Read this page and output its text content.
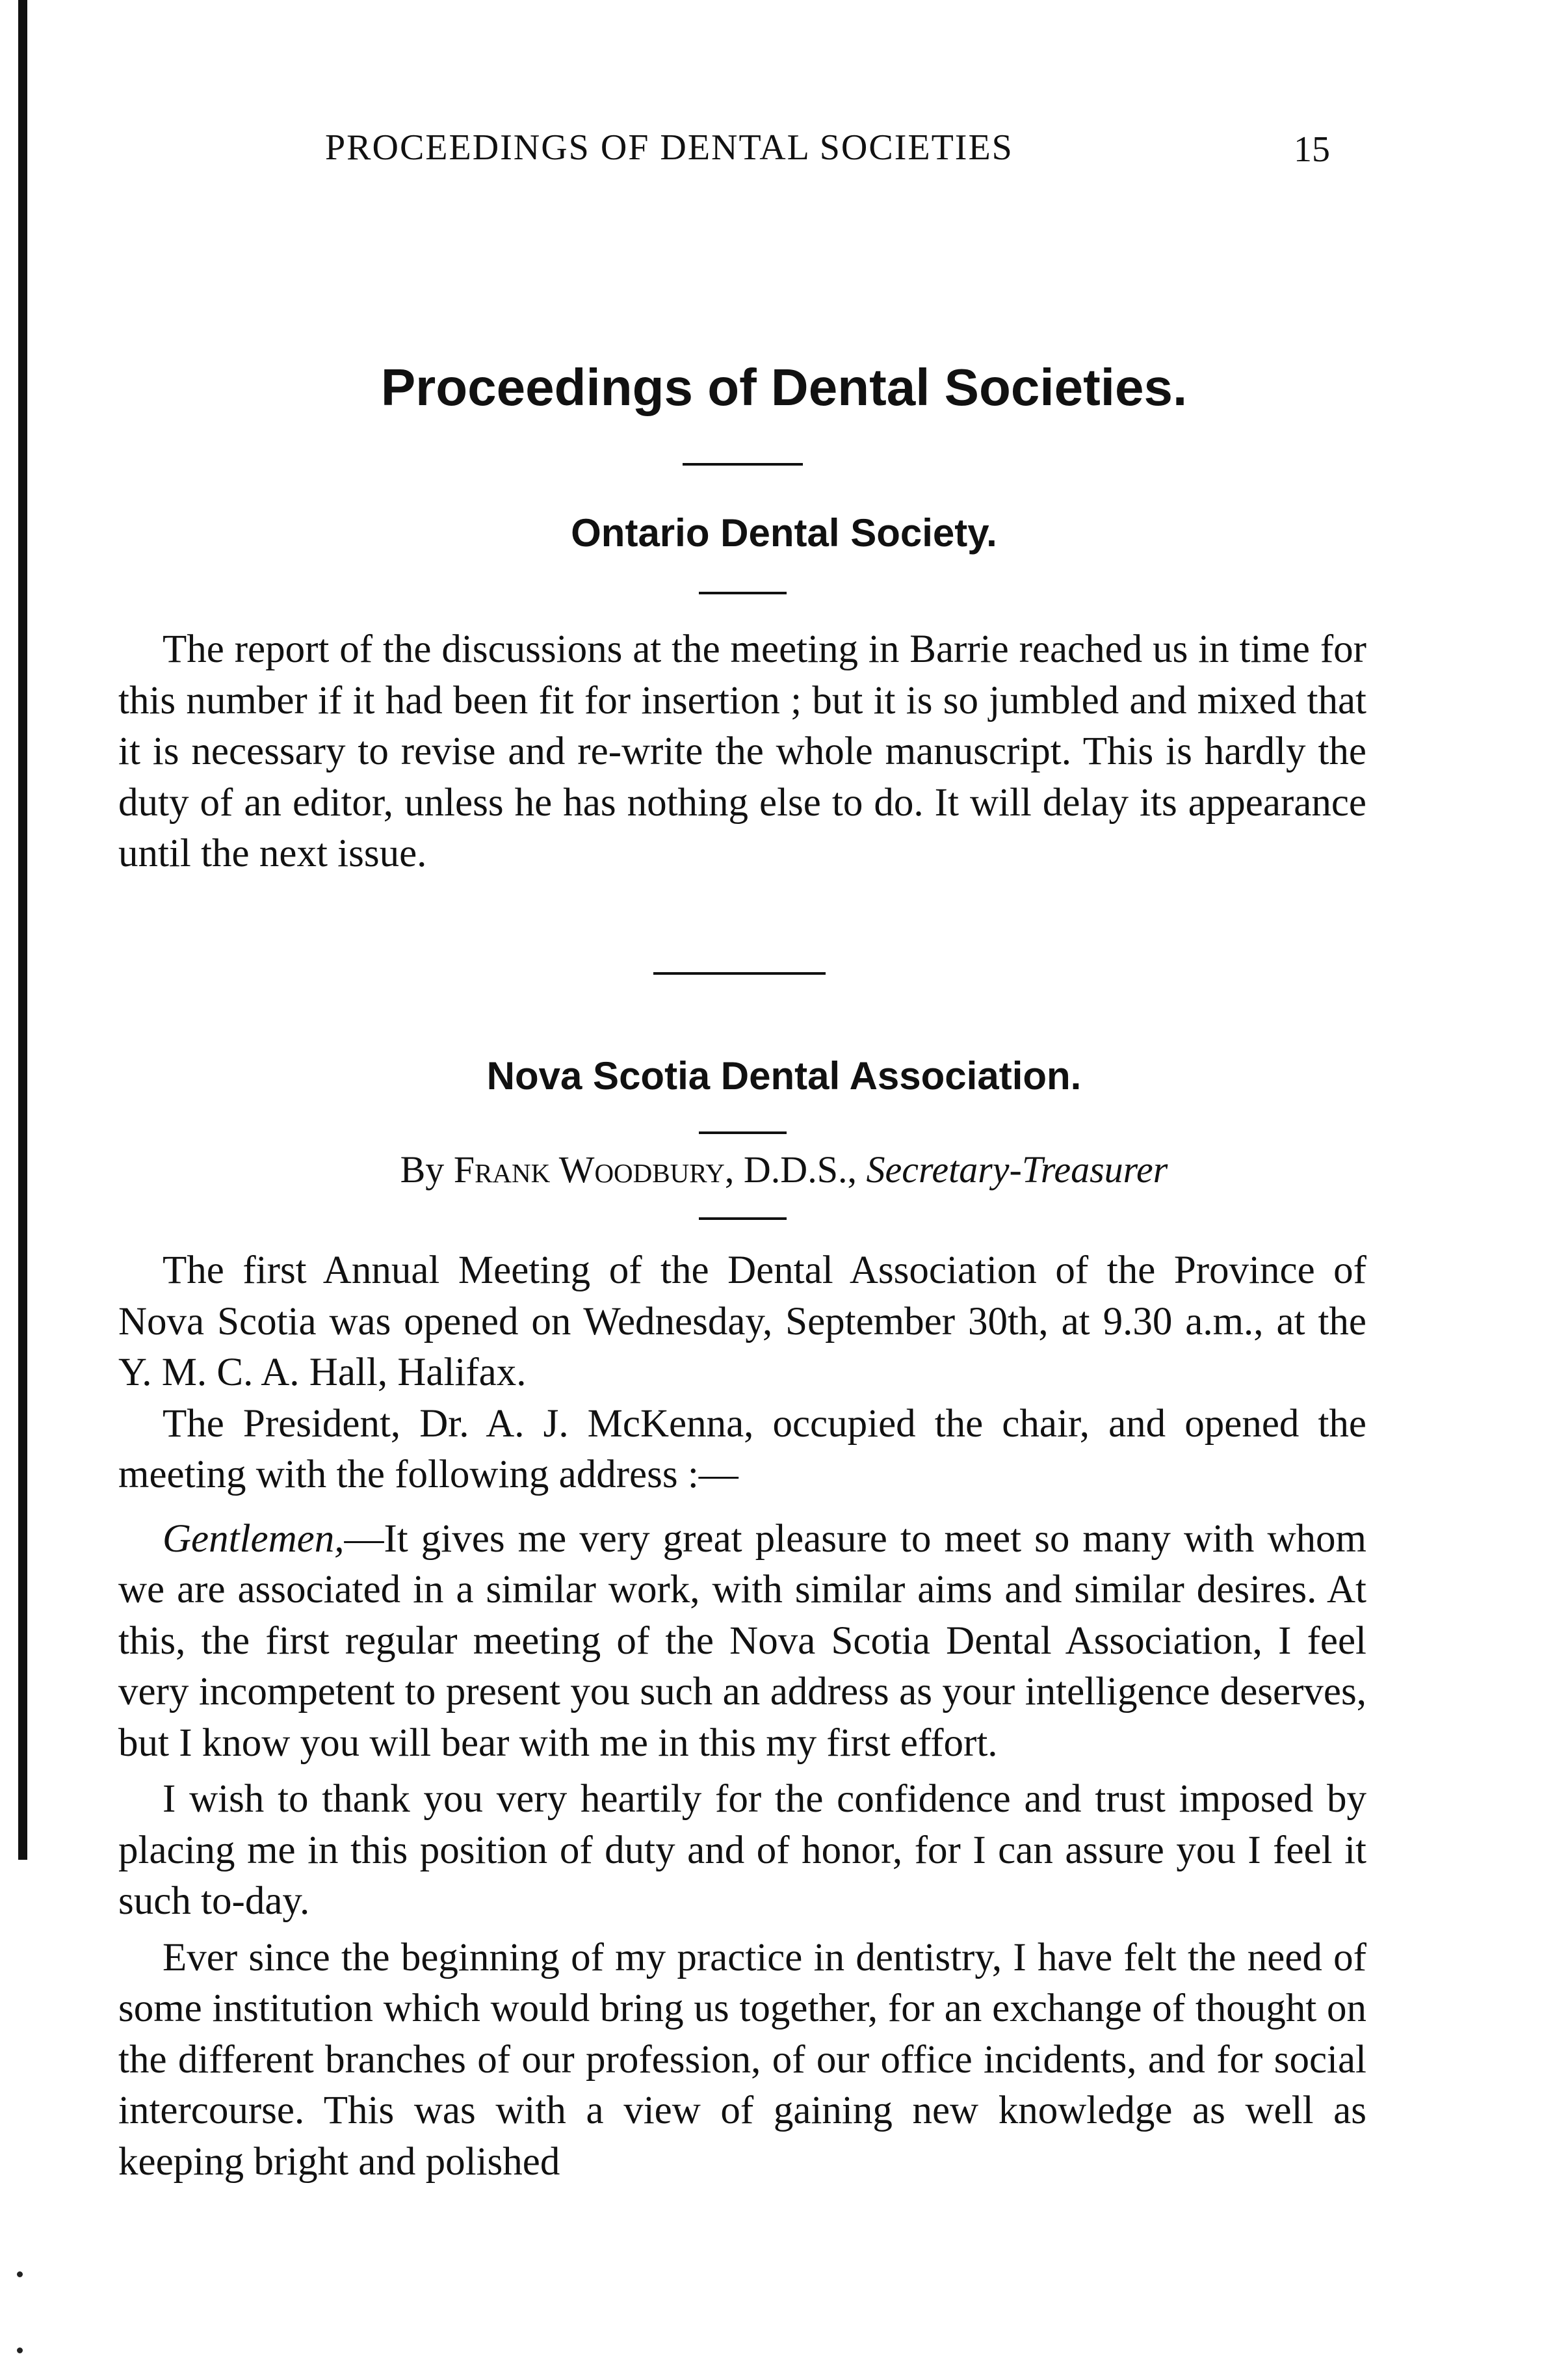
PROCEEDINGS OF DENTAL SOCIETIES	15
Proceedings of Dental Societies.
Ontario Dental Society.

The report of the discussions at the meeting in Barrie reached us in time for this number if it had been fit for insertion ; but it is so jumbled and mixed that it is necessary to revise and re-write the whole manuscript. This is hardly the duty of an editor, unless he has nothing else to do. It will delay its appearance until the next issue.

Nova Scotia Dental Association.
By Frank Woodbury, D.D.S., Secretary-Treasurer

The first Annual Meeting of the Dental Association of the Province of Nova Scotia was opened on Wednesday, September 30th, at 9.30 a.m., at the Y. M. C. A. Hall, Halifax.

The President, Dr. A. J. McKenna, occupied the chair, and opened the meeting with the following address :—

Gentlemen,—It gives me very great pleasure to meet so many with whom we are associated in a similar work, with similar aims and similar desires. At this, the first regular meeting of the Nova Scotia Dental Association, I feel very incompetent to present you such an address as your intelligence deserves, but I know you will bear with me in this my first effort.

I wish to thank you very heartily for the confidence and trust imposed by placing me in this position of duty and of honor, for I can assure you I feel it such to-day.

Ever since the beginning of my practice in dentistry, I have felt the need of some institution which would bring us together, for an exchange of thought on the different branches of our profession, of our office incidents, and for social intercourse. This was with a view of gaining new knowledge as well as keeping bright and polished
